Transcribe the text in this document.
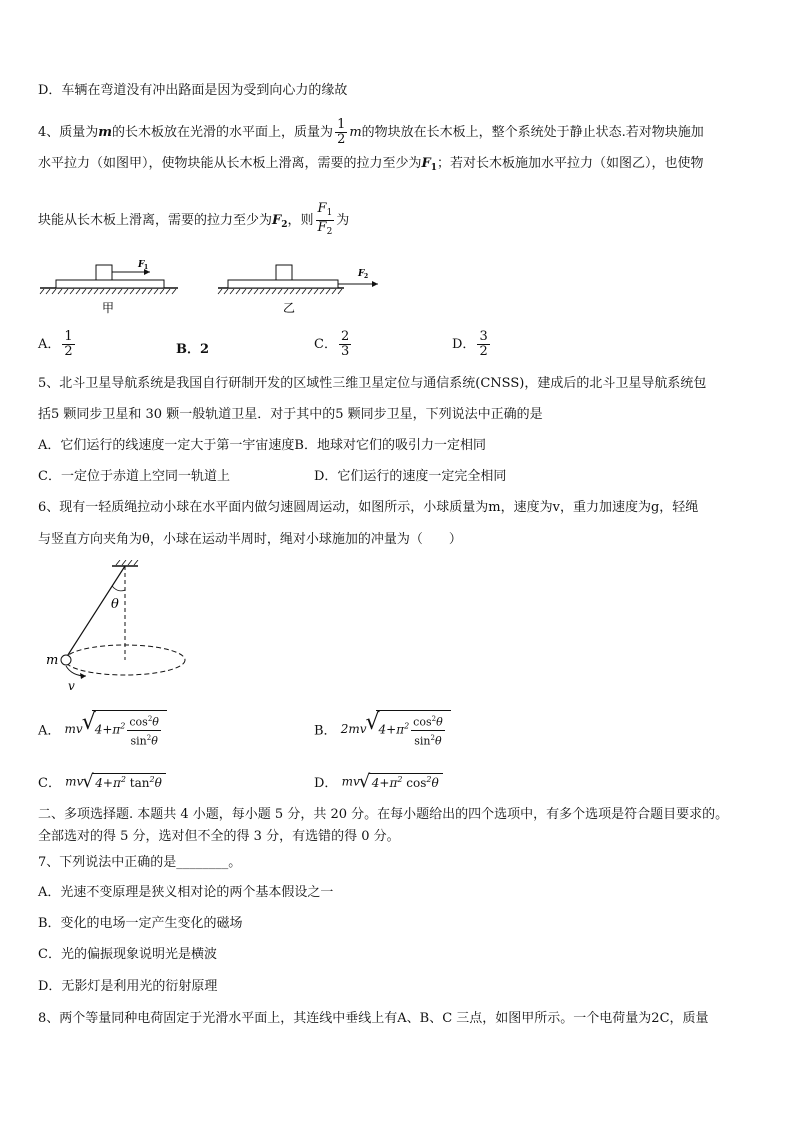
D．车辆在弯道没有冲出路面是因为受到向心力的缘故
4、质量为m的长木板放在光滑的水平面上，质量为 $\frac{1}{2}$ m的物块放在长木板上，整个系统处于静止状态.若对物块施加
水平拉力（如图甲），使物块能从长木板上滑离，需要的拉力至少为$F_1$；若对长木板施加水平拉力（如图乙），也使物
块能从长木板上滑离，需要的拉力至少为$F_2$，则 $\frac{F_1}{F_2}$ 为
F 1
甲
F 2
乙
A． $\frac{1}{2}$	B．2	C． $\frac{2}{3}$	D． $\frac{3}{2}$
5、北斗卫星导航系统是我国自行研制开发的区域性三维卫星定位与通信系统(CNSS)，建成后的北斗卫星导航系统包
括5 颗同步卫星和 30 颗一般轨道卫星．对于其中的5 颗同步卫星，下列说法中正确的是
A．它们运行的线速度一定大于第一宇宙速度B．地球对它们的吸引力一定相同
C．一定位于赤道上空同一轨道上	D．它们运行的速度一定完全相同
6、现有一轻质绳拉动小球在水平面内做匀速圆周运动，如图所示，小球质量为m，速度为v，重力加速度为g，轻绳
与竖直方向夹角为θ，小球在运动半周时，绳对小球施加的冲量为（　　）
θ
m
v
A． mv √
$4+\pi^2 \frac{\cos^2\theta}{\sin^2\theta}$	B． 2mv √
$4+\pi^2 \frac{\cos^2\theta}{\sin^2\theta}$
C． mv √ $4+\pi^2$ $\tan^2\theta$	D． mv √ $4+\pi^2$ $\cos^2\theta$
二、多项选择题. 本题共 4 小题，每小题 5 分，共 20 分。在每小题给出的四个选项中，有多个选项是符合题目要求的。
全部选对的得 5 分，选对但不全的得 3 分，有选错的得 0 分。
7、下列说法中正确的是________。
A．光速不变原理是狭义相对论的两个基本假设之一
B．变化的电场一定产生变化的磁场
C．光的偏振现象说明光是横波
D．无影灯是利用光的衍射原理
8、两个等量同种电荷固定于光滑水平面上，其连线中垂线上有A、B、C 三点，如图甲所示。一个电荷量为2C，质量
